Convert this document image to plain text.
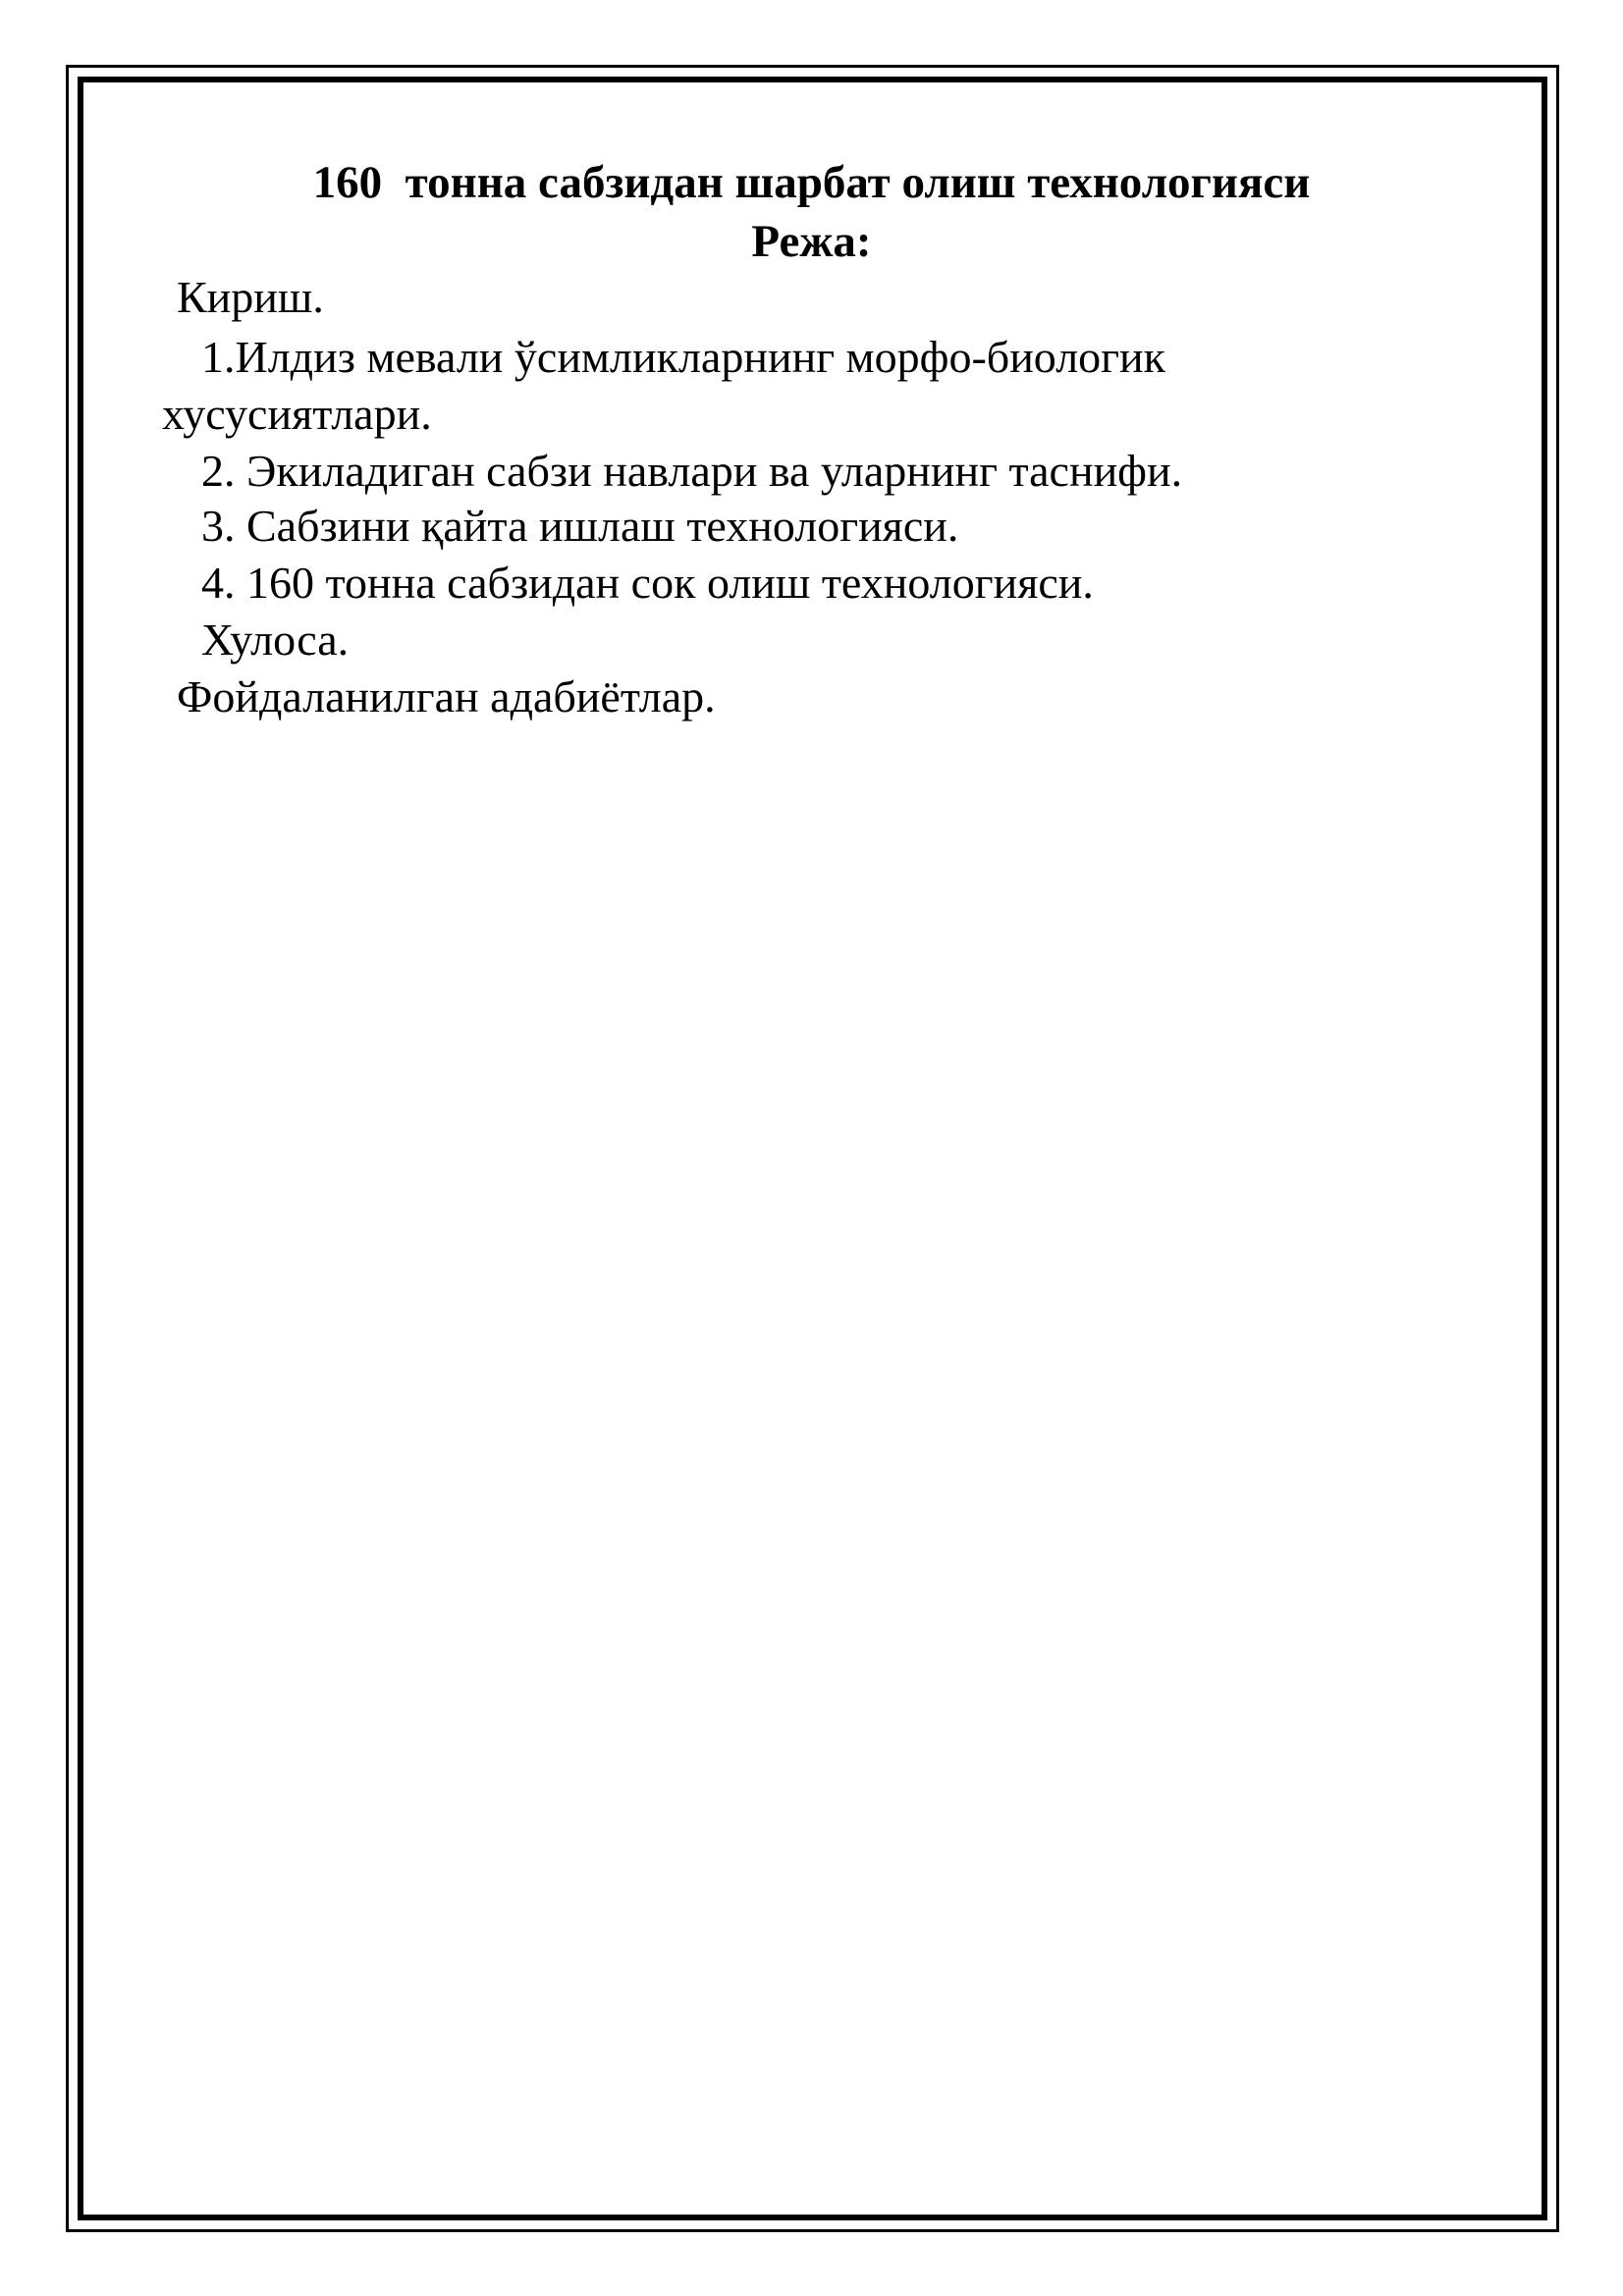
160  тонна сабзидан шарбат олиш технологияси
Режа:

Кириш.

1.Илдиз мевали ўсимликларнинг морфо-биологик

хусусиятлари.

2. Экиладиган сабзи навлари ва уларнинг таснифи.

3. Сабзини қайта ишлаш технологияси.

4. 160 тонна сабзидан сок олиш технологияси.

Хулоса.

Фойдаланилган адабиётлар.
